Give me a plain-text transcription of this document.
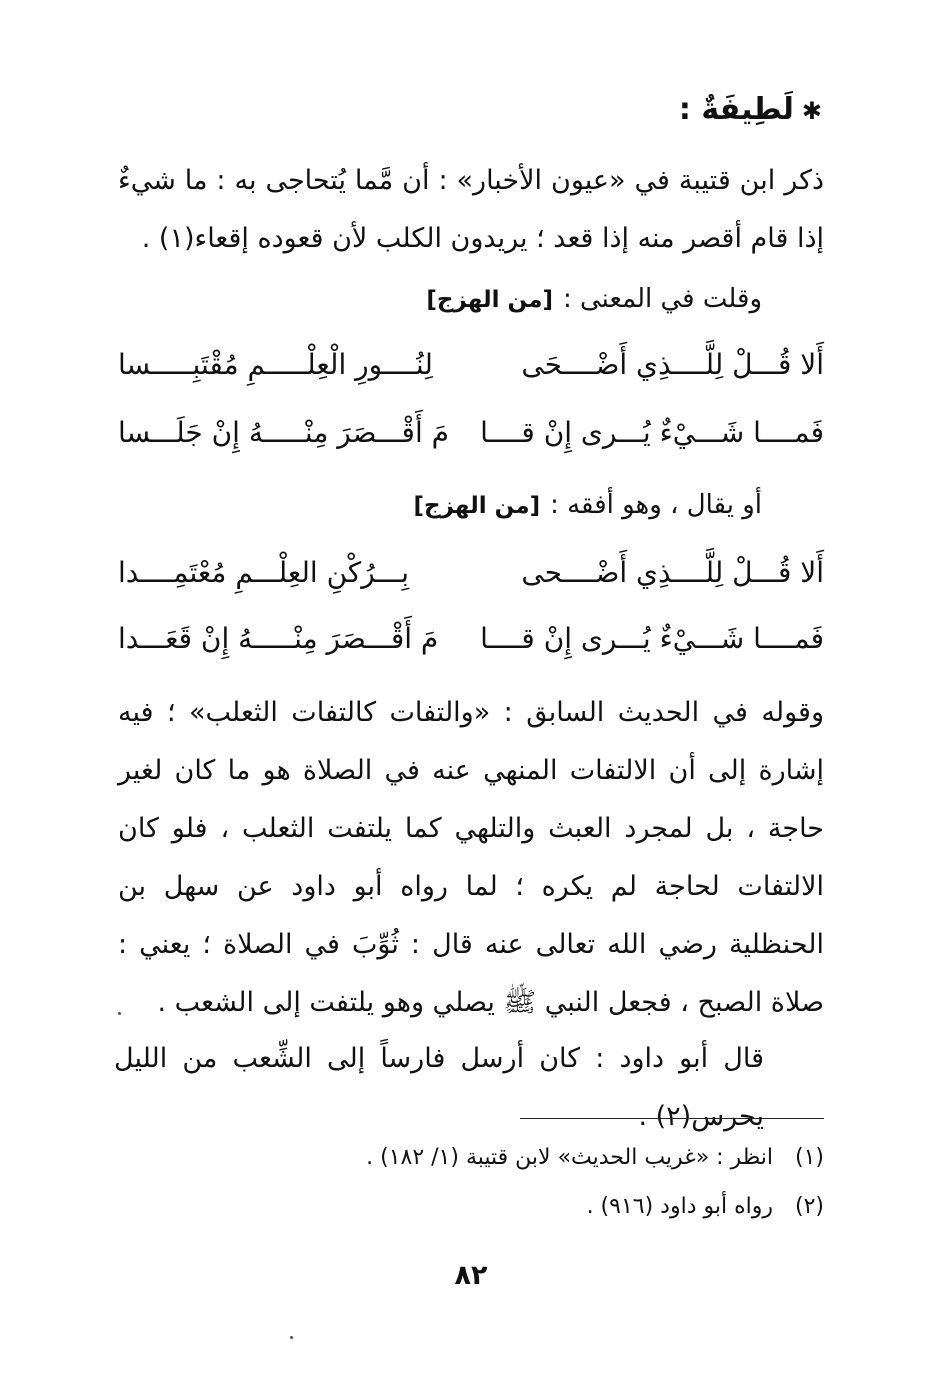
✱لَطِيفَةٌ :
ذكر ابن قتيبة في «عيون الأخبار» : أن مَّما يُتحاجى به : ما شيءٌ إذا قام أقصر منه إذا قعد ؛ يريدون الكلب لأن قعوده إقعاء(١) .
وقلت في المعنى :[من الهزج]
أَلا قُـــلْ لِلَّــــذِي أَضْــــحَى
لِنُــــورِ الْعِلْـــــمِ مُقْتَبِـــــسا
فَمــــا شَـــيْءٌ يُـــرى إِنْ قــــا
مَ أَقْـــصَرَ مِنْـــــهُ إِنْ جَلَـــسا
أو يقال ، وهو أفقه :[من الهزج]
أَلا قُـــلْ لِلَّــــذِي أَضْــــحى
بِـــرُكْنِ العِلْـــمِ مُعْتَمِــــدا
فَمــــا شَـــيْءٌ يُـــرى إِنْ قــــا
مَ أَقْـــصَرَ مِنْـــــهُ إِنْ قَعَـــدا
وقوله في الحديث السابق : «والتفات كالتفات الثعلب» ؛ فيه إشارة إلى أن الالتفات المنهي عنه في الصلاة هو ما كان لغير حاجة ، بل لمجرد العبث والتلهي كما يلتفت الثعلب ، فلو كان الالتفات لحاجة لم يكره ؛ لما رواه أبو داود عن سهل بن الحنظلية رضي الله تعالى عنه قال : ثُوِّبَ في الصلاة ؛ يعني : صلاة الصبح ، فجعل النبي ﷺ يصلي وهو يلتفت إلى الشعب .
قال أبو داود : كان أرسل فارساً إلى الشِّعب من الليل يحرس(٢) .
(١)انظر : «غريب الحديث» لابن قتيبة (١/ ١٨٢) .
(٢)رواه أبو داود (٩١٦) .
٨٢
